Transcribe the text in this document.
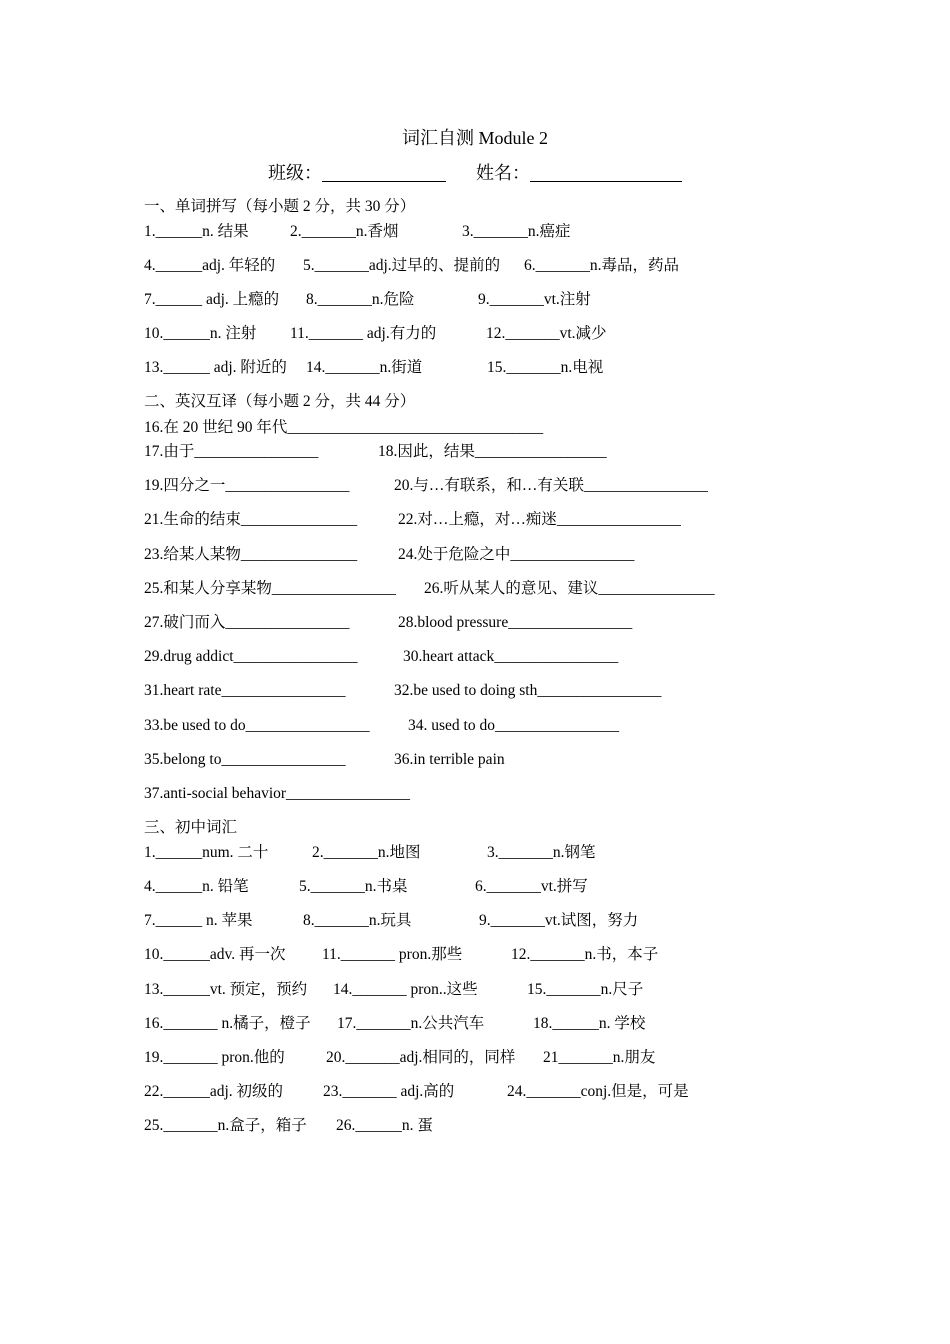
词汇自测 Module 2
班级：	姓名：
一、单词拼写（每小题 2 分，共 30 分）

1.______n. 结果

	2._______n.香烟

	3._______n.癌症

4.______adj. 年轻的

5._______adj.过早的、提前的

6._______n.毒品，药品

7.______ adj. 上瘾的

8._______n.危险

	9._______vt.注射

10.______n. 注射

11._______ adj.有力的

	12._______vt.减少

13.______ adj. 附近的

14._______n.街道

	15._______n.电视

二、英汉互译（每小题 2 分，共 44 分）

16.在 20 世纪 90 年代_________________________________

17.由于________________

	18.因此，结果_________________

19.四分之一________________

	20.与…有联系，和…有关联________________

21.生命的结束_______________

	22.对…上瘾，对…痴迷________________

23.给某人某物_______________

	24.处于危险之中________________

25.和某人分享某物________________

26.听从某人的意见、建议_______________

27.破门而入________________

	28.blood pressure________________

29.drug addict________________

	30.heart attack________________

31.heart rate________________

	32.be used to doing sth________________

33.be used to do________________

34. used to do________________

35.belong to________________

	36.in terrible pain

37.anti-social behavior________________

三、初中词汇

1.______num. 二十

	2._______n.地图

	3._______n.钢笔

4.______n. 铅笔

	5._______n.书桌

	6._______vt.拼写

7.______ n. 苹果

	8._______n.玩具

	9._______vt.试图，努力

10.______adv. 再一次

11._______ pron.那些

	12._______n.书，本子

13.______vt. 预定，预约

14._______ pron..这些

	15._______n.尺子

16._______ n.橘子，橙子

17._______n.公共汽车

	18.______n. 学校

19._______ pron.他的

	20._______adj.相同的，同样

21_______n.朋友

22.______adj. 初级的

	23._______ adj.高的

	24._______conj.但是，可是

25._______n.盒子，箱子

26.______n. 蛋
